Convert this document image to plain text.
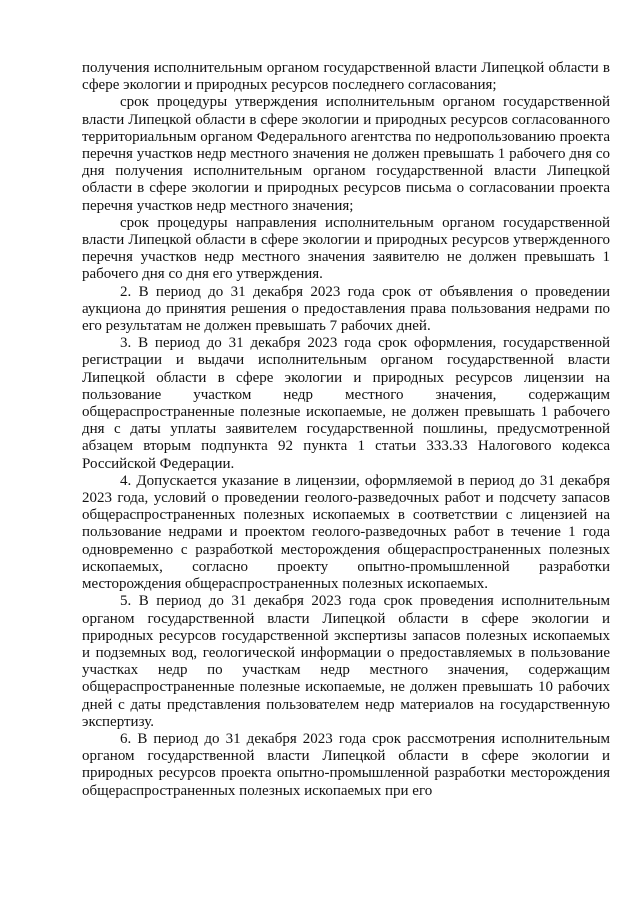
получения исполнительным органом государственной власти Липецкой области в сфере экологии и природных ресурсов последнего согласования;

срок процедуры утверждения исполнительным органом государственной власти Липецкой области в сфере экологии и природных ресурсов согласованного территориальным органом Федерального агентства по недропользованию проекта перечня участков недр местного значения не должен превышать 1 рабочего дня со дня получения исполнительным органом государственной власти Липецкой области в сфере экологии и природных ресурсов письма о согласовании проекта перечня участков недр местного значения;

срок процедуры направления исполнительным органом государственной власти Липецкой области в сфере экологии и природных ресурсов утвержденного перечня участков недр местного значения заявителю не должен превышать 1 рабочего дня со дня его утверждения.

2. В период до 31 декабря 2023 года срок от объявления о проведении аукциона до принятия решения о предоставления права пользования недрами по его результатам не должен превышать 7 рабочих дней.

3. В период до 31 декабря 2023 года срок оформления, государственной регистрации и выдачи исполнительным органом государственной власти Липецкой области в сфере экологии и природных ресурсов лицензии на пользование участком недр местного значения, содержащим общераспространенные полезные ископаемые, не должен превышать 1 рабочего дня с даты уплаты заявителем государственной пошлины, предусмотренной абзацем вторым подпункта 92 пункта 1 статьи 333.33 Налогового кодекса Российской Федерации.

4. Допускается указание в лицензии, оформляемой в период до 31 декабря 2023 года, условий о проведении геолого-разведочных работ и подсчету запасов общераспространенных полезных ископаемых в соответствии с лицензией на пользование недрами и проектом геолого-разведочных работ в течение 1 года одновременно с разработкой месторождения общераспространенных полезных ископаемых, согласно проекту опытно-промышленной разработки месторождения общераспространенных полезных ископаемых.

5. В период до 31 декабря 2023 года срок проведения исполнительным органом государственной власти Липецкой области в сфере экологии и природных ресурсов государственной экспертизы запасов полезных ископаемых и подземных вод, геологической информации о предоставляемых в пользование участках недр по участкам недр местного значения, содержащим общераспространенные полезные ископаемые, не должен превышать 10 рабочих дней с даты представления пользователем недр материалов на государственную экспертизу.

6. В период до 31 декабря 2023 года срок рассмотрения исполнительным органом государственной власти Липецкой области в сфере экологии и природных ресурсов проекта опытно-промышленной разработки месторождения общераспространенных полезных ископаемых при его
